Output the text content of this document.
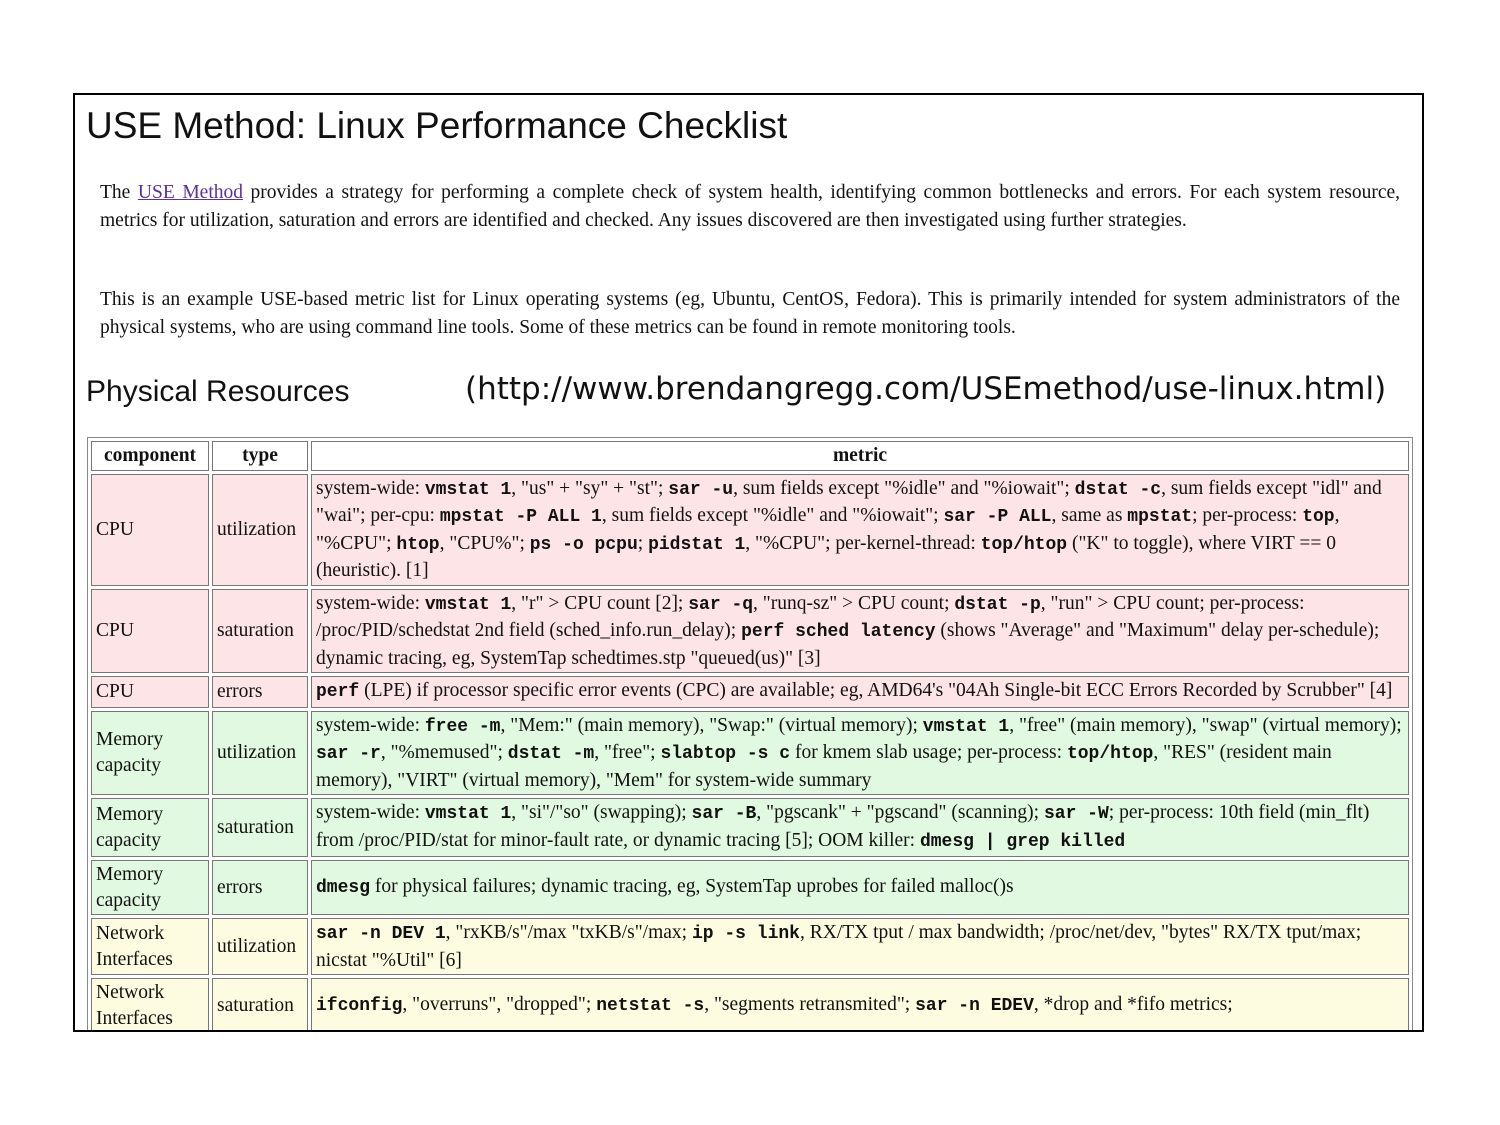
USE Method: Linux Performance Checklist

The USE Method provides a strategy for performing a complete check of system health, identifying common bottlenecks and errors. For each system resource, metrics for utilization, saturation and errors are identified and checked. Any issues discovered are then investigated using further strategies.

This is an example USE-based metric list for Linux operating systems (eg, Ubuntu, CentOS, Fedora). This is primarily intended for system administrators of the physical systems, who are using command line tools. Some of these metrics can be found in remote monitoring tools.

Physical Resources	(http://www.brendangregg.com/USEmethod/use-linux.html)
component	type	metric
CPU	utilization	system-wide: vmstat 1, "us" + "sy" + "st"; sar -u, sum fields except "%idle" and "%iowait"; dstat -c, sum fields except "idl" and "wai"; per-cpu: mpstat -P ALL 1, sum fields except "%idle" and "%iowait"; sar -P ALL, same as mpstat; per-process: top, "%CPU"; htop, "CPU%"; ps -o pcpu; pidstat 1, "%CPU"; per-kernel-thread: top/htop ("K" to toggle), where VIRT == 0 (heuristic). [1]
CPU	saturation	system-wide: vmstat 1, "r" > CPU count [2]; sar -q, "runq-sz" > CPU count; dstat -p, "run" > CPU count; per-process: /proc/PID/schedstat 2nd field (sched_info.run_delay); perf sched latency (shows "Average" and "Maximum" delay per-schedule); dynamic tracing, eg, SystemTap schedtimes.stp "queued(us)" [3]
CPU	errors	perf (LPE) if processor specific error events (CPC) are available; eg, AMD64's "04Ah Single-bit ECC Errors Recorded by Scrubber" [4]
Memory capacity	utilization	system-wide: free -m, "Mem:" (main memory), "Swap:" (virtual memory); vmstat 1, "free" (main memory), "swap" (virtual memory); sar -r, "%memused"; dstat -m, "free"; slabtop -s c for kmem slab usage; per-process: top/htop, "RES" (resident main memory), "VIRT" (virtual memory), "Mem" for system-wide summary
Memory capacity	saturation	system-wide: vmstat 1, "si"/"so" (swapping); sar -B, "pgscank" + "pgscand" (scanning); sar -W; per-process: 10th field (min_flt) from /proc/PID/stat for minor-fault rate, or dynamic tracing [5]; OOM killer: dmesg | grep killed
Memory capacity	errors	dmesg for physical failures; dynamic tracing, eg, SystemTap uprobes for failed malloc()s
Network Interfaces	utilization	sar -n DEV 1, "rxKB/s"/max "txKB/s"/max; ip -s link, RX/TX tput / max bandwidth; /proc/net/dev, "bytes" RX/TX tput/max; nicstat "%Util" [6]
Network Interfaces	saturation	ifconfig, "overruns", "dropped"; netstat -s, "segments retransmited"; sar -n EDEV, *drop and *fifo metrics;
